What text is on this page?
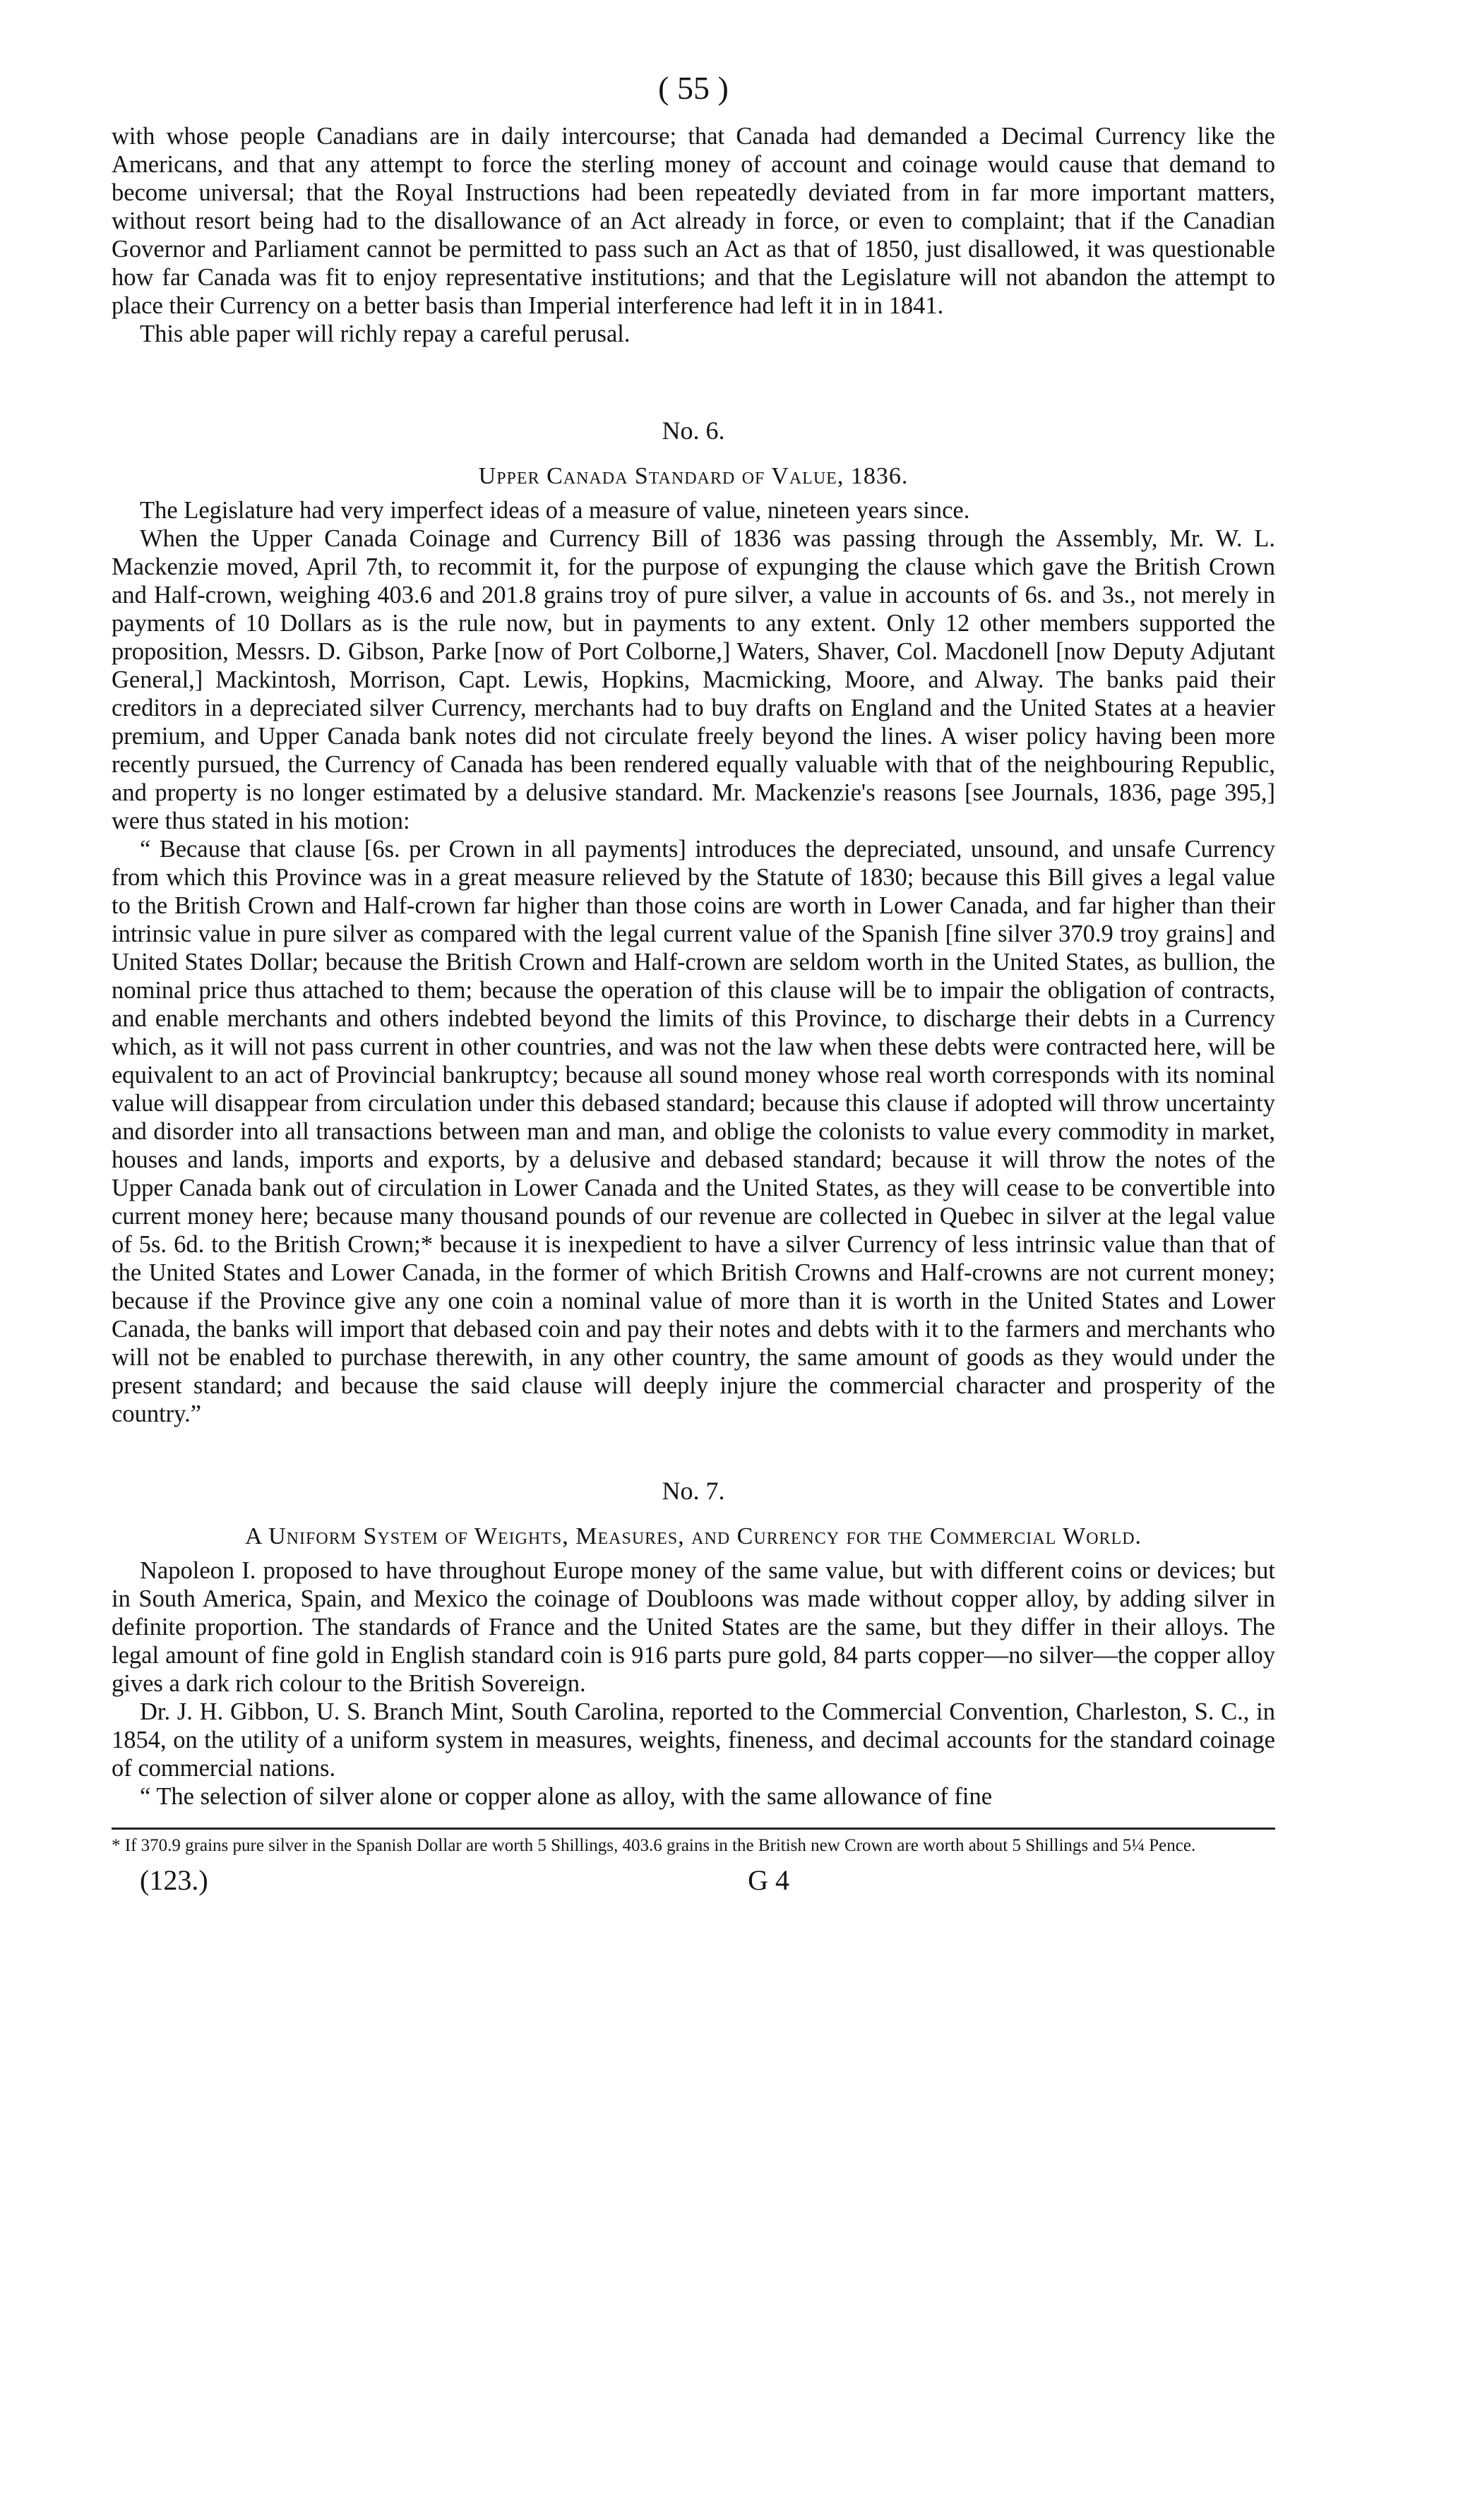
( 55 )

with whose people Canadians are in daily intercourse; that Canada had demanded a Decimal Currency like the Americans, and that any attempt to force the sterling money of account and coinage would cause that demand to become universal; that the Royal Instructions had been repeatedly deviated from in far more important matters, without resort being had to the disallowance of an Act already in force, or even to complaint; that if the Canadian Governor and Parliament cannot be permitted to pass such an Act as that of 1850, just disallowed, it was questionable how far Canada was fit to enjoy representative institutions; and that the Legislature will not abandon the attempt to place their Currency on a better basis than Imperial interference had left it in in 1841.

This able paper will richly repay a careful perusal.

No. 6.
Upper Canada Standard of Value, 1836.

The Legislature had very imperfect ideas of a measure of value, nineteen years since.

When the Upper Canada Coinage and Currency Bill of 1836 was passing through the Assembly, Mr. W. L. Mackenzie moved, April 7th, to recommit it, for the purpose of expunging the clause which gave the British Crown and Half-crown, weighing 403.6 and 201.8 grains troy of pure silver, a value in accounts of 6s. and 3s., not merely in payments of 10 Dollars as is the rule now, but in payments to any extent. Only 12 other members supported the proposition, Messrs. D. Gibson, Parke [now of Port Colborne,] Waters, Shaver, Col. Macdonell [now Deputy Adjutant General,] Mackintosh, Morrison, Capt. Lewis, Hopkins, Macmicking, Moore, and Alway. The banks paid their creditors in a depreciated silver Currency, merchants had to buy drafts on England and the United States at a heavier premium, and Upper Canada bank notes did not circulate freely beyond the lines. A wiser policy having been more recently pursued, the Currency of Canada has been rendered equally valuable with that of the neighbouring Republic, and property is no longer estimated by a delusive standard. Mr. Mackenzie's reasons [see Journals, 1836, page 395,] were thus stated in his motion:

“ Because that clause [6s. per Crown in all payments] introduces the depreciated, unsound, and unsafe Currency from which this Province was in a great measure relieved by the Statute of 1830; because this Bill gives a legal value to the British Crown and Half-crown far higher than those coins are worth in Lower Canada, and far higher than their intrinsic value in pure silver as compared with the legal current value of the Spanish [fine silver 370.9 troy grains] and United States Dollar; because the British Crown and Half-crown are seldom worth in the United States, as bullion, the nominal price thus attached to them; because the operation of this clause will be to impair the obligation of contracts, and enable merchants and others indebted beyond the limits of this Province, to discharge their debts in a Currency which, as it will not pass current in other countries, and was not the law when these debts were contracted here, will be equivalent to an act of Provincial bankruptcy; because all sound money whose real worth corresponds with its nominal value will disappear from circulation under this debased standard; because this clause if adopted will throw uncertainty and disorder into all transactions between man and man, and oblige the colonists to value every commodity in market, houses and lands, imports and exports, by a delusive and debased standard; because it will throw the notes of the Upper Canada bank out of circulation in Lower Canada and the United States, as they will cease to be convertible into current money here; because many thousand pounds of our revenue are collected in Quebec in silver at the legal value of 5s. 6d. to the British Crown;* because it is inexpedient to have a silver Currency of less intrinsic value than that of the United States and Lower Canada, in the former of which British Crowns and Half-crowns are not current money; because if the Province give any one coin a nominal value of more than it is worth in the United States and Lower Canada, the banks will import that debased coin and pay their notes and debts with it to the farmers and merchants who will not be enabled to purchase therewith, in any other country, the same amount of goods as they would under the present standard; and because the said clause will deeply injure the commercial character and prosperity of the country.”

No. 7.
A Uniform System of Weights, Measures, and Currency for the Commercial World.

Napoleon I. proposed to have throughout Europe money of the same value, but with different coins or devices; but in South America, Spain, and Mexico the coinage of Doubloons was made without copper alloy, by adding silver in definite proportion. The standards of France and the United States are the same, but they differ in their alloys. The legal amount of fine gold in English standard coin is 916 parts pure gold, 84 parts copper—no silver—the copper alloy gives a dark rich colour to the British Sovereign.

Dr. J. H. Gibbon, U. S. Branch Mint, South Carolina, reported to the Commercial Convention, Charleston, S. C., in 1854, on the utility of a uniform system in measures, weights, fineness, and decimal accounts for the standard coinage of commercial nations.

“ The selection of silver alone or copper alone as alloy, with the same allowance of fine

* If 370.9 grains pure silver in the Spanish Dollar are worth 5 Shillings, 403.6 grains in the British new Crown are worth about 5 Shillings and 5¼ Pence.

(123.)	G 4
